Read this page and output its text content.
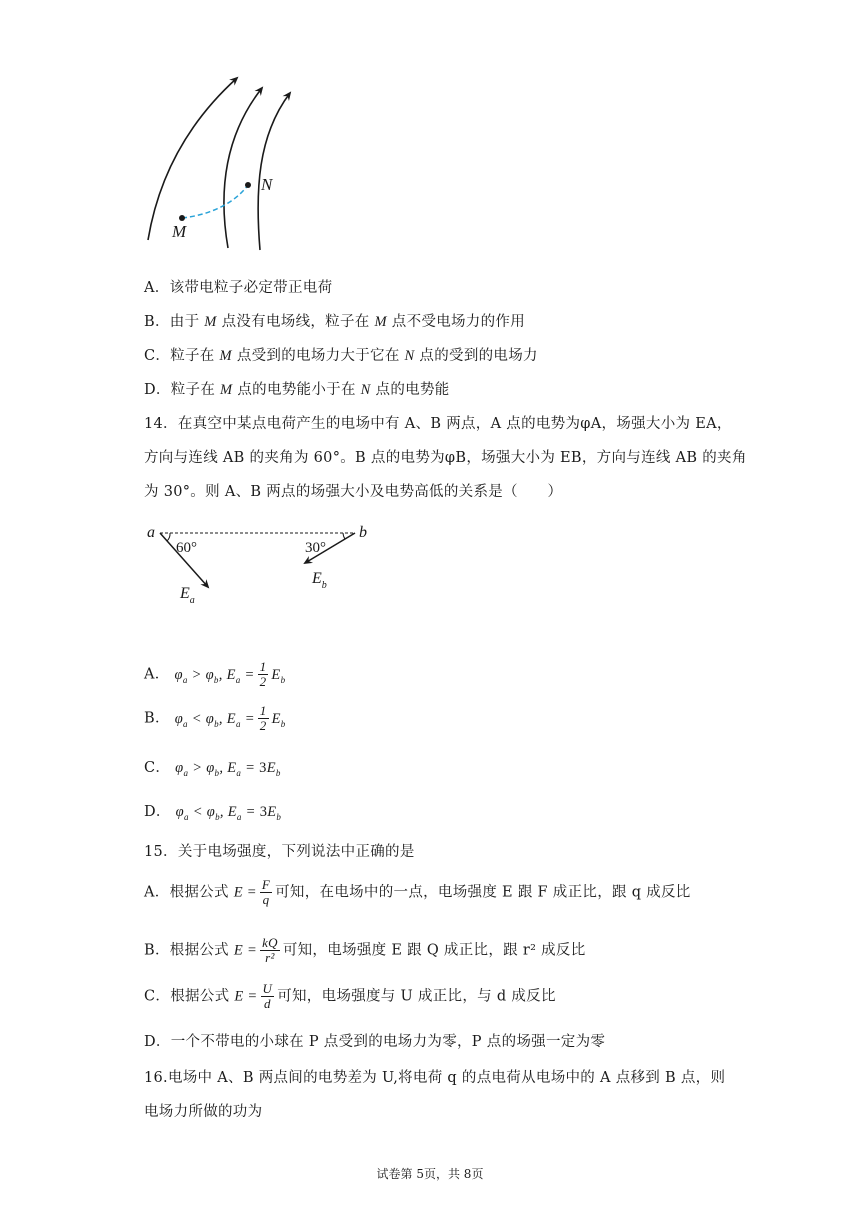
M
N
A．该带电粒子必定带正电荷
B．由于 M 点没有电场线，粒子在 M 点不受电场力的作用
C．粒子在 M 点受到的电场力大于它在 N 点的受到的电场力
D．粒子在 M 点的电势能小于在 N 点的电势能
14．在真空中某点电荷产生的电场中有 A、B 两点，A 点的电势为φA，场强大小为 EA，
方向与连线 AB 的夹角为 60°。B 点的电势为φB，场强大小为 EB，方向与连线 AB 的夹角
为 30°。则 A、B 两点的场强大小及电势高低的关系是（　　）
a	b
60°	30°
$E_a$
$E_b$
A． $\varphi_a > \varphi_b$, $E_a = \frac{1}{2} E_b$
B． $\varphi_a < \varphi_b$, $E_a = \frac{1}{2} E_b$
C． $\varphi_a > \varphi_b$, $E_a = 3E_b$
D． $\varphi_a < \varphi_b$, $E_a = 3E_b$
15．关于电场强度，下列说法中正确的是
A．根据公式 $E = \frac{F}{q}$ 可知，在电场中的一点，电场强度 E 跟 F 成正比，跟 q 成反比
B．根据公式 $E = \frac{kQ}{\text{r²}}$ 可知，电场强度 E 跟 Q 成正比，跟 r² 成反比
C．根据公式 $E = \frac{U}{d}$ 可知，电场强度与 U 成正比，与 d 成反比
D．一个不带电的小球在 P 点受到的电场力为零，P 点的场强一定为零
16.电场中 A、B 两点间的电势差为 U,将电荷 q 的点电荷从电场中的 A 点移到 B 点，则
电场力所做的功为
试卷第 5页，共 8页
